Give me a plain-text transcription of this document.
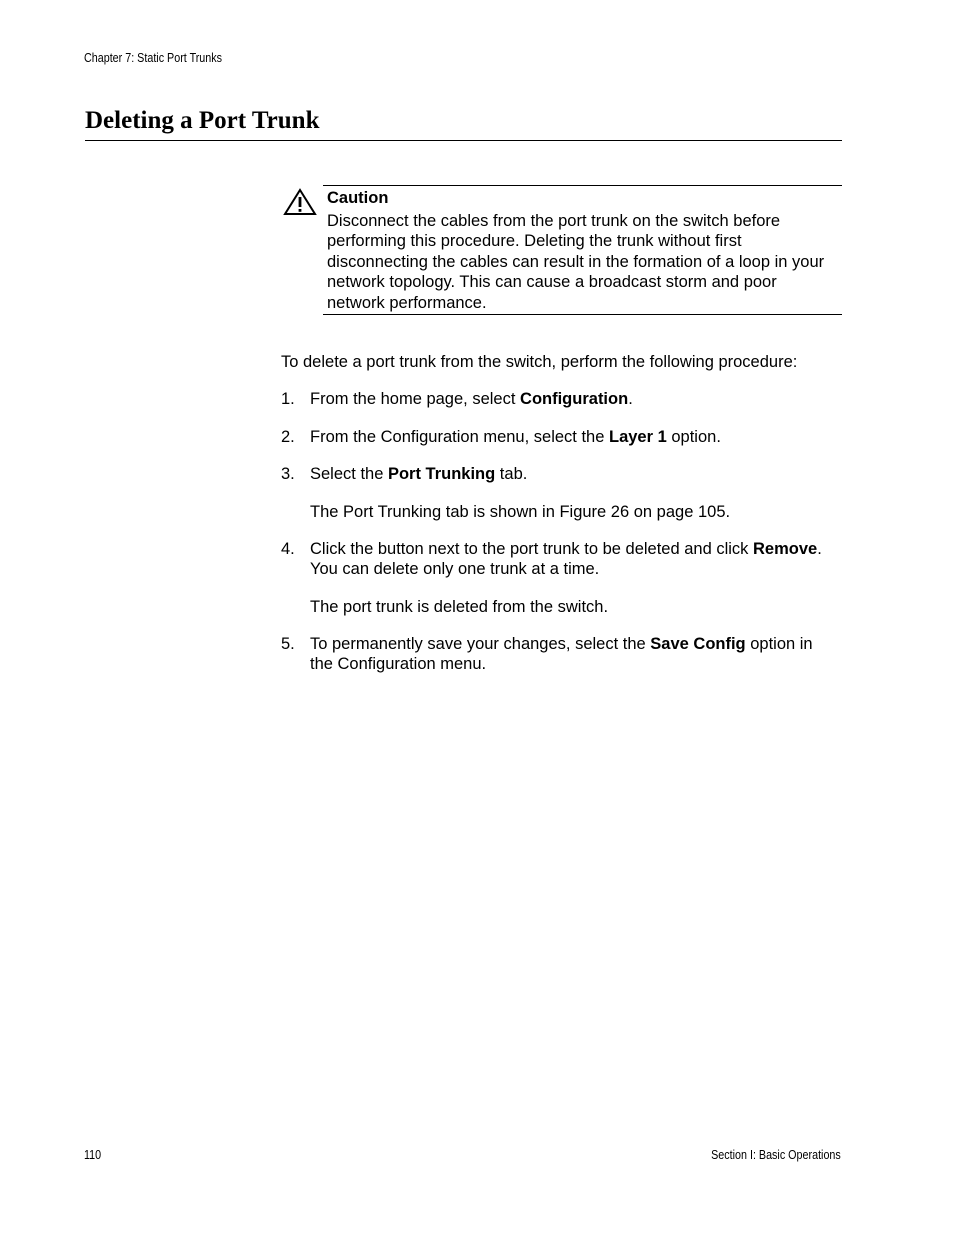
Chapter 7: Static Port Trunks
Deleting a Port Trunk
Caution
Disconnect the cables from the port trunk on the switch before
performing this procedure. Deleting the trunk without first
disconnecting the cables can result in the formation of a loop in your
network topology. This can cause a broadcast storm and poor
network performance.
To delete a port trunk from the switch, perform the following procedure:
1. From the home page, select Configuration.
2. From the Configuration menu, select the Layer 1 option.
3. Select the Port Trunking tab.
The Port Trunking tab is shown in Figure 26 on page 105.
4. Click the button next to the port trunk to be deleted and click Remove.
You can delete only one trunk at a time.
The port trunk is deleted from the switch.
5. To permanently save your changes, select the Save Config option in
the Configuration menu.
110	Section I: Basic Operations
